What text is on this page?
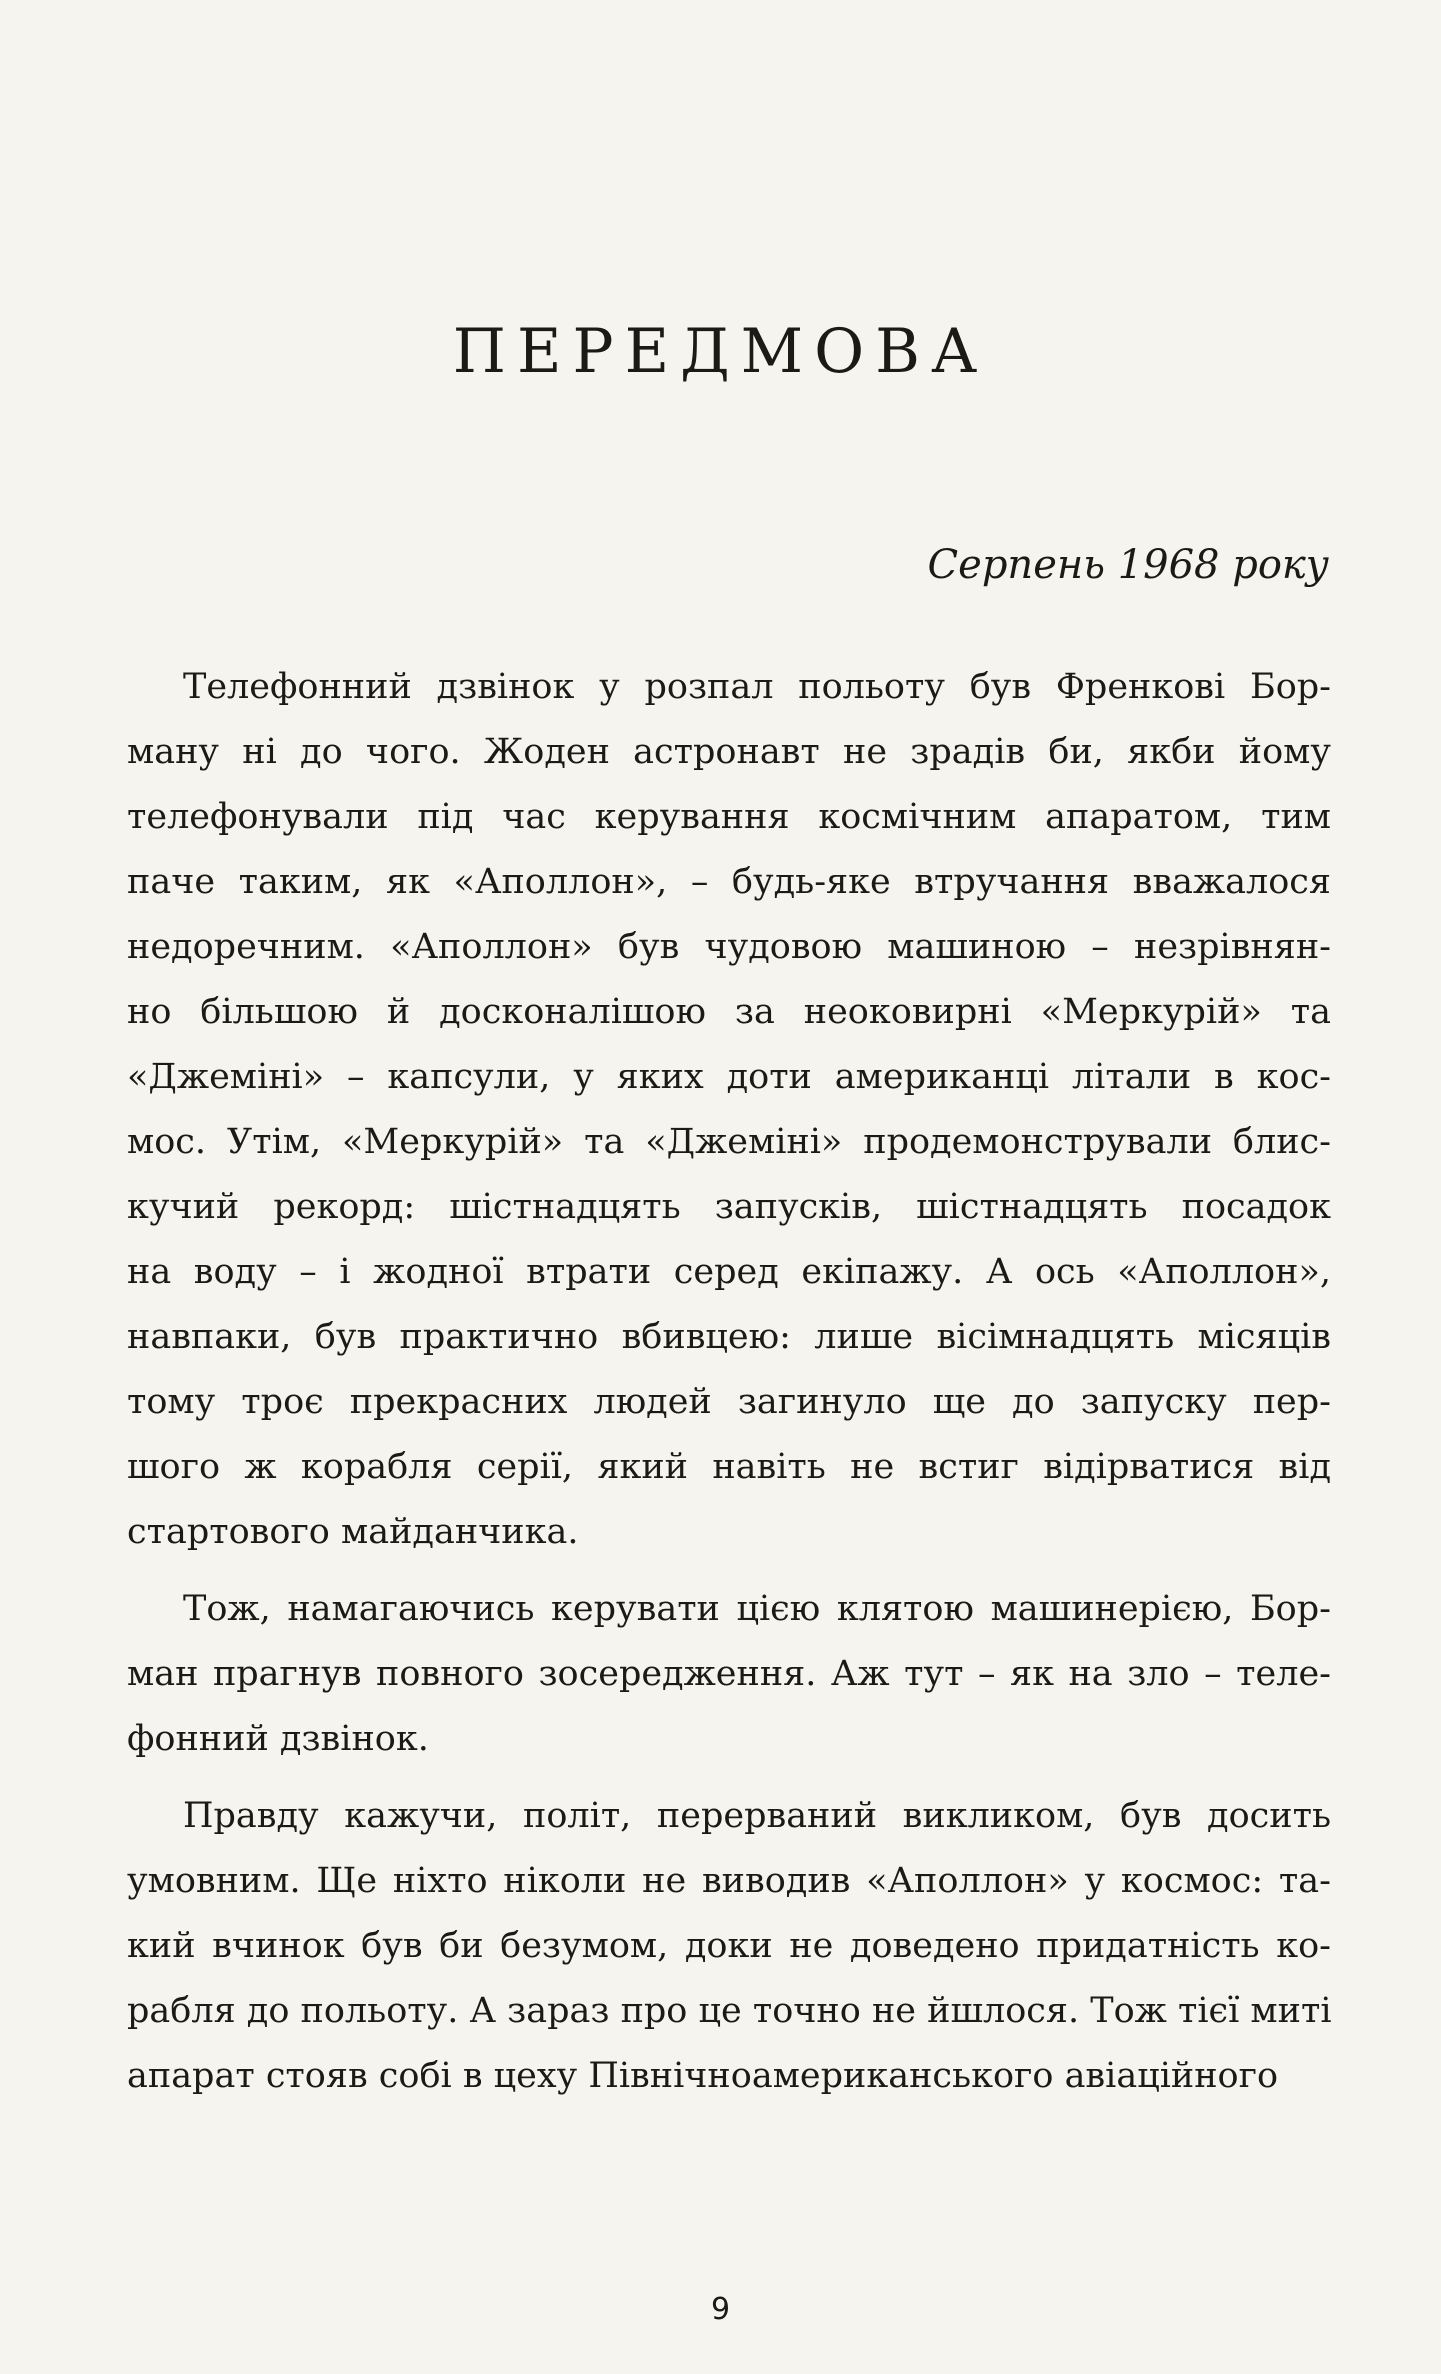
ПЕРЕДМОВА
Серпень 1968 року
Телефонний дзвінок у розпал польоту був Френкові Бор-
ману ні до чого. Жоден астронавт не зрадів би, якби йому
телефонували під час керування космічним апаратом, тим
паче таким, як «Аполлон», – будь-яке втручання вважалося
недоречним. «Аполлон» був чудовою машиною – незрівнян-
но більшою й досконалішою за неоковирні «Меркурій» та
«Джеміні» – капсули, у яких доти американці літали в кос-
мос. Утім, «Меркурій» та «Джеміні» продемонстрували блис-
кучий рекорд: шістнадцять запусків, шістнадцять посадок
на воду – і жодної втрати серед екіпажу. А ось «Аполлон»,
навпаки, був практично вбивцею: лише вісімнадцять місяців
тому троє прекрасних людей загинуло ще до запуску пер-
шого ж корабля серії, який навіть не встиг відірватися від
стартового майданчика.
Тож, намагаючись керувати цією клятою машинерією, Бор-
ман прагнув повного зосередження. Аж тут – як на зло – теле-
фонний дзвінок.
Правду кажучи, політ, перерваний викликом, був досить
умовним. Ще ніхто ніколи не виводив «Аполлон» у космос: та-
кий вчинок був би безумом, доки не доведено придатність ко-
рабля до польоту. А зараз про це точно не йшлося. Тож тієї миті
апарат стояв собі в цеху Північноамериканського авіаційного
9
